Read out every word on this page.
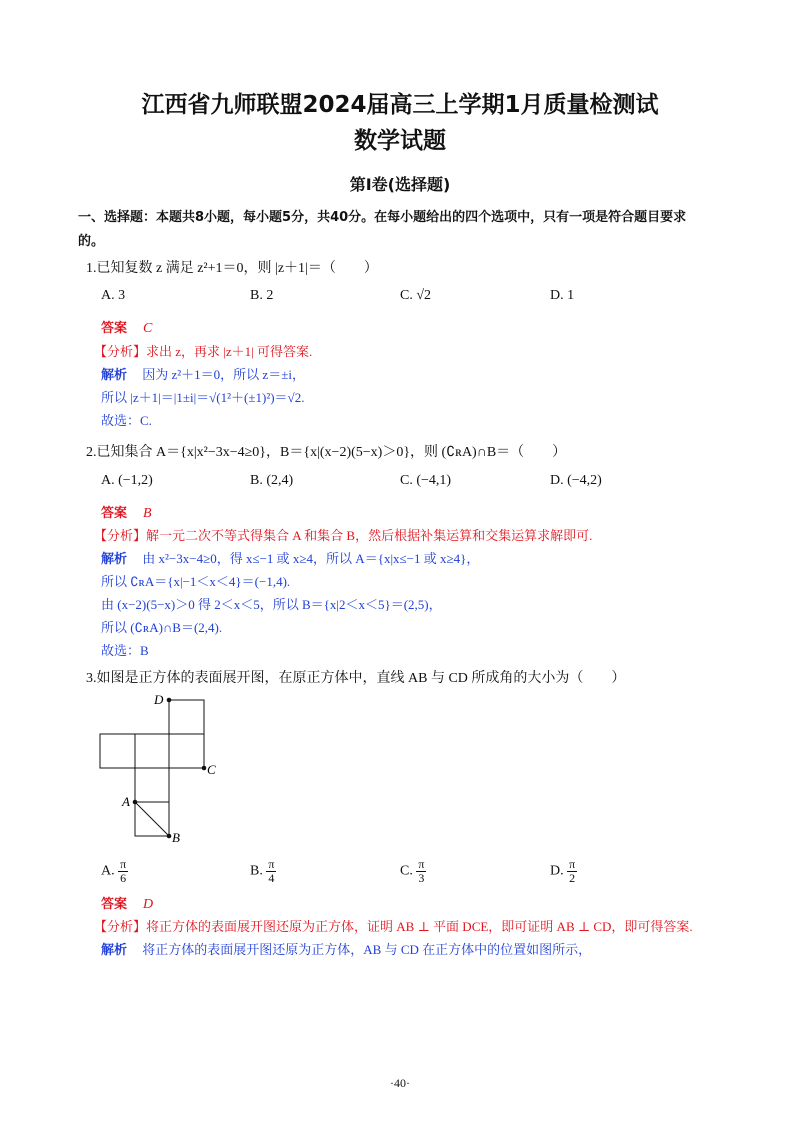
江西省九师联盟2024届高三上学期1月质量检测试
数学试题
第I卷(选择题)
一、选择题：本题共8小题，每小题5分，共40分。在每小题给出的四个选项中，只有一项是符合题目要求
的。
1.已知复数 z 满足 z²+1＝0，则 |z＋1|＝（　　）
A. 3	B. 2	C. √2	D. 1
答案 C
【分析】求出 z，再求 |z＋1| 可得答案.
解析 因为 z²＋1＝0，所以 z＝±i，
所以 |z＋1|＝|1±i|＝√(1²＋(±1)²)＝√2.
故选：C.
2.已知集合 A＝{x|x²−3x−4≥0}，B＝{x|(x−2)(5−x)＞0}，则 (∁ʀA)∩B＝（　　）
A. (−1,2)	B. (2,4)	C. (−4,1)	D. (−4,2)
答案 B
【分析】解一元二次不等式得集合 A 和集合 B，然后根据补集运算和交集运算求解即可.
解析 由 x²−3x−4≥0，得 x≤−1 或 x≥4，所以 A＝{x|x≤−1 或 x≥4}，
所以 ∁ʀA＝{x|−1＜x＜4}＝(−1,4).
由 (x−2)(5−x)＞0 得 2＜x＜5，所以 B＝{x|2＜x＜5}＝(2,5)，
所以 (∁ʀA)∩B＝(2,4).
故选：B
3.如图是正方体的表面展开图，在原正方体中，直线 AB 与 CD 所成角的大小为（　　）
D
C
A
B
A. $\frac{\pi}{6}$	B. $\frac{\pi}{4}$	C. $\frac{\pi}{3}$	D. $\frac{\pi}{2}$
答案 D
【分析】将正方体的表面展开图还原为正方体，证明 AB ⊥ 平面 DCE，即可证明 AB ⊥ CD，即可得答案.
解析 将正方体的表面展开图还原为正方体，AB 与 CD 在正方体中的位置如图所示，
·40·
